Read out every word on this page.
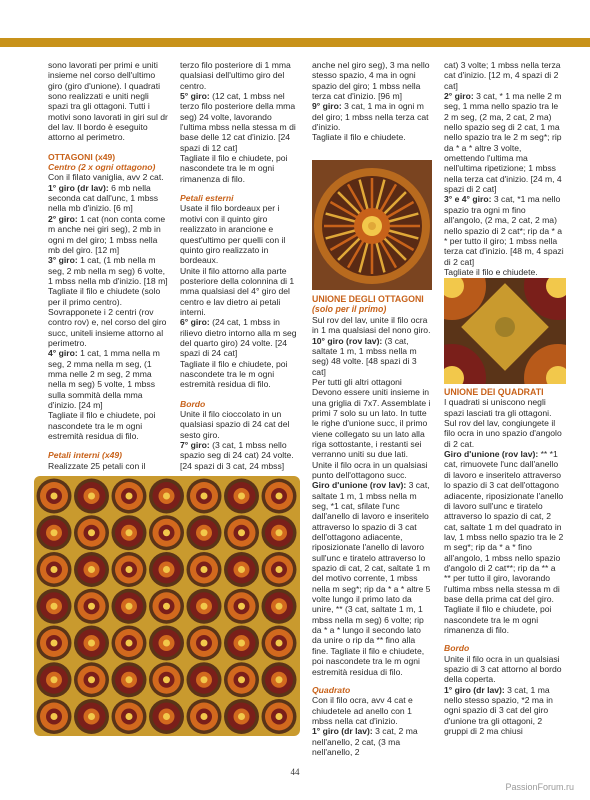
sono lavorati per primi e uniti insieme nel corso dell'ultimo giro (giro d'unione). I quadrati sono realizzati e uniti negli spazi tra gli ottagoni. Tutti i motivi sono lavorati in giri sul dr del lav. Il bordo è eseguito attorno al perimetro.

OTTAGONI (x49)

Centro (2 x ogni ottagono)

Con il filato vaniglia, avv 2 cat.

1° giro (dr lav): 6 mb nella seconda cat dall'unc, 1 mbss nella mb d'inizio. [6 m]

2° giro: 1 cat (non conta come m anche nei giri seg), 2 mb in ogni m del giro; 1 mbss nella mb del giro. [12 m]

3° giro: 1 cat, (1 mb nella m seg, 2 mb nella m seg) 6 volte, 1 mbss nella mb d'inizio. [18 m]

Tagliate il filo e chiudete (solo per il primo centro).

Sovrapponete i 2 centri (rov contro rov) e, nel corso del giro succ, uniteli insieme attorno al perimetro.

4° giro: 1 cat, 1 mma nella m seg, 2 mma nella m seg, (1 mma nelle 2 m seg, 2 mma nella m seg) 5 volte, 1 mbss sulla sommità della mma d'inizio. [24 m]

Tagliate il filo e chiudete, poi nascondete tra le m ogni estremità residua di filo.

Petali interni (x49)

Realizzate 25 petali con il

terzo filo posteriore di 1 mma qualsiasi dell'ultimo giro del centro.

5° giro: (12 cat, 1 mbss nel terzo filo posteriore della mma seg) 24 volte, lavorando l'ultima mbss nella stessa m di base delle 12 cat d'inizio. [24 spazi di 12 cat]

Tagliate il filo e chiudete, poi nascondete tra le m ogni rimanenza di filo.

Petali esterni

Usate il filo bordeaux per i motivi con il quinto giro realizzato in arancione e quest'ultimo per quelli con il quinto giro realizzato in bordeaux.

Unite il filo attorno alla parte posteriore della colonnina di 1 mma qualsiasi del 4° giro del centro e lav dietro ai petali interni.

6° giro: (24 cat, 1 mbss in rilievo dietro intorno alla m seg del quarto giro) 24 volte. [24 spazi di 24 cat]

Tagliate il filo e chiudete, poi nascondete tra le m ogni estremità residua di filo.

Bordo

Unite il filo cioccolato in un qualsiasi spazio di 24 cat del sesto giro.

7° giro: (3 cat, 1 mbss nello spazio seg di 24 cat) 24 volte. [24 spazi di 3 cat, 24 mbss]

anche nel giro seg), 3 ma nello stesso spazio, 4 ma in ogni spazio del giro; 1 mbss nella terza cat d'inizio. [96 m]

9° giro: 3 cat, 1 ma in ogni m del giro; 1 mbss nella terza cat d'inizio.

Tagliate il filo e chiudete.

UNIONE DEGLI OTTAGONI

(solo per il primo)

Sul rov del lav, unite il filo ocra in 1 ma qualsiasi del nono giro.

10° giro (rov lav): (3 cat, saltate 1 m, 1 mbss nella m seg) 48 volte. [48 spazi di 3 cat]

Per tutti gli altri ottagoni

Devono essere uniti insieme in una griglia di 7x7. Assemblate i primi 7 solo su un lato. In tutte le righe d'unione succ, il primo viene collegato su un lato alla riga sottostante, i restanti sei verranno uniti su due lati.

Unite il filo ocra in un qualsiasi punto dell'ottagono succ.

Giro d'unione (rov lav): 3 cat, saltate 1 m, 1 mbss nella m seg, *1 cat, sfilate l'unc dall'anello di lavoro e inseritelo attraverso lo spazio di 3 cat dell'ottagono adiacente, riposizionate l'anello di lavoro sull'unc e tiratelo attraverso lo spazio di cat, 2 cat, saltate 1 m del motivo corrente, 1 mbss nella m seg*; rip da * a * altre 5 volte lungo il primo lato da unire, ** (3 cat, saltate 1 m, 1 mbss nella m seg) 6 volte; rip da * a * lungo il secondo lato da unire o rip da ** fino alla fine. Tagliate il filo e chiudete, poi nascondete tra le m ogni estremità residua di filo.

Quadrato

Con il filo ocra, avv 4 cat e chiudetele ad anello con 1 mbss nella cat d'inizio.

1° giro (dr lav): 3 cat, 2 ma nell'anello, 2 cat, (3 ma nell'anello, 2

cat) 3 volte; 1 mbss nella terza cat d'inizio. [12 m, 4 spazi di 2 cat]

2° giro: 3 cat, * 1 ma nelle 2 m seg, 1 mma nello spazio tra le 2 m seg, (2 ma, 2 cat, 2 ma) nello spazio seg di 2 cat, 1 ma nello spazio tra le 2 m seg*; rip da * a * altre 3 volte, omettendo l'ultima ma nell'ultima ripetizione; 1 mbss nella terza cat d'inizio. [24 m, 4 spazi di 2 cat]

3° e 4° giro: 3 cat, *1 ma nello spazio tra ogni m fino all'angolo, (2 ma, 2 cat, 2 ma) nello spazio di 2 cat*; rip da * a * per tutto il giro; 1 mbss nella terza cat d'inizio. [48 m, 4 spazi di 2 cat]

Tagliate il filo e chiudete.

UNIONE DEI QUADRATI

I quadrati si uniscono negli spazi lasciati tra gli ottagoni.

Sul rov del lav, congiungete il filo ocra in uno spazio d'angolo di 2 cat.

Giro d'unione (rov lav): ** *1 cat, rimuovete l'unc dall'anello di lavoro e inseritelo attraverso lo spazio di 3 cat dell'ottagono adiacente, riposizionate l'anello di lavoro sull'unc e tiratelo attraverso lo spazio di cat, 2 cat, saltate 1 m del quadrato in lav, 1 mbss nello spazio tra le 2 m seg*; rip da * a * fino all'angolo, 1 mbss nello spazio d'angolo di 2 cat**; rip da ** a ** per tutto il giro, lavorando l'ultima mbss nella stessa m di base della prima cat del giro.

Tagliate il filo e chiudete, poi nascondete tra le m ogni rimanenza di filo.

Bordo

Unite il filo ocra in un qualsiasi spazio di 3 cat attorno al bordo della coperta.

1° giro (dr lav): 3 cat, 1 ma nello stesso spazio, *2 ma in ogni spazio di 3 cat del giro d'unione tra gli ottagoni, 2 gruppi di 2 ma chiusi

44
PassionForum.ru
